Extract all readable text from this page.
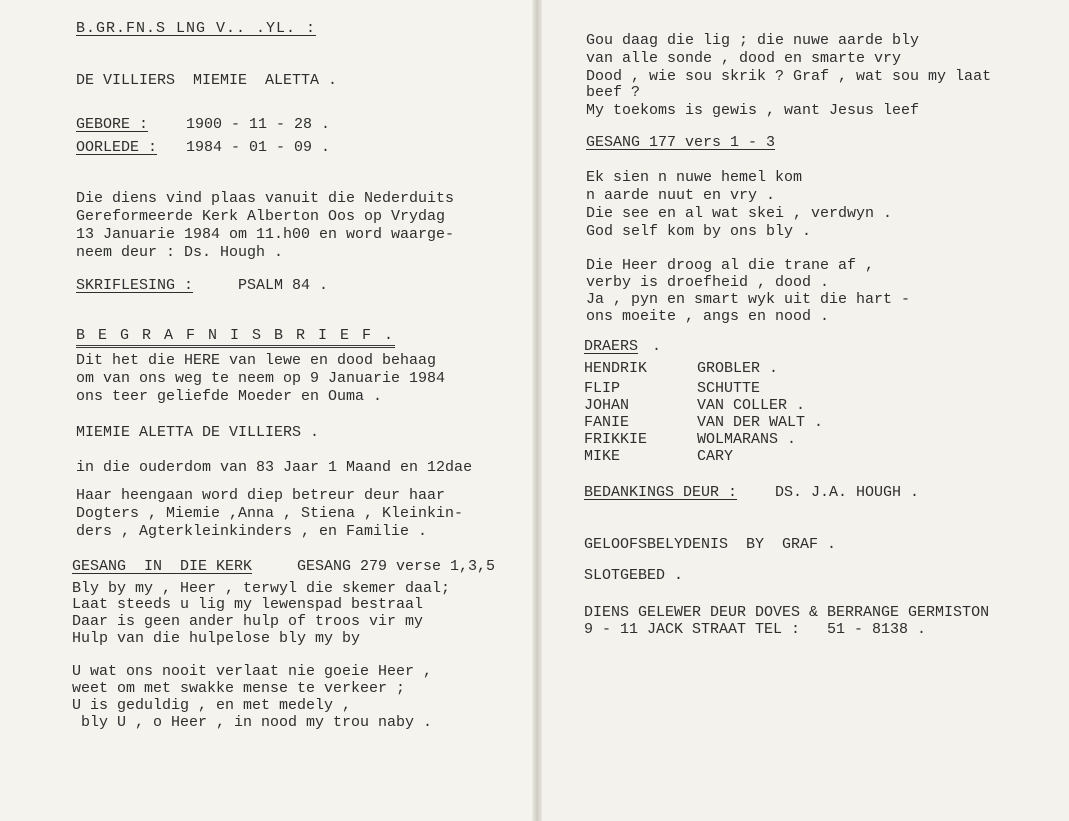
B.GR.FN.S LNG V.. .YL. :
DE VILLIERS  MIEMIE  ALETTA .
GEBORE :	1900 - 11 - 28 .
OORLEDE : 1984 - 01 - 09 .
Die diens vind plaas vanuit die Nederduits
Gereformeerde Kerk Alberton Oos op Vrydag
13 Januarie 1984 om 11.h00 en word waarge-
neem deur : Ds. Hough .
SKRIFLESING :	PSALM 84 .
B E G R A F N I S B R I E F .
Dit het die HERE van lewe en dood behaag
om van ons weg te neem op 9 Januarie 1984
ons teer geliefde Moeder en Ouma .
MIEMIE ALETTA DE VILLIERS .
in die ouderdom van 83 Jaar 1 Maand en 12dae
Haar heengaan word diep betreur deur haar
Dogters , Miemie ,Anna , Stiena , Kleinkin-
ders , Agterkleinkinders , en Familie .
GESANG  IN  DIE KERK	GESANG 279 verse 1,3,5
Bly by my , Heer , terwyl die skemer daal;
Laat steeds u lig my lewenspad bestraal
Daar is geen ander hulp of troos vir my
Hulp van die hulpelose bly my by
U wat ons nooit verlaat nie goeie Heer ,
weet om met swakke mense te verkeer ;
U is geduldig , en met medely ,
bly U , o Heer , in nood my trou naby .
Gou daag die lig ; die nuwe aarde bly
van alle sonde , dood en smarte vry
Dood , wie sou skrik ? Graf , wat sou my laat
beef ?
My toekoms is gewis , want Jesus leef
GESANG 177 vers 1 - 3
Ek sien n nuwe hemel kom
n aarde nuut en vry .
Die see en al wat skei , verdwyn .
God self kom by ons bly .
Die Heer droog al die trane af ,
verby is droefheid , dood .
Ja , pyn en smart wyk uit die hart -
ons moeite , angs en nood .
DRAERS .
HENDRIK	GROBLER .
FLIP	SCHUTTE
JOHAN	VAN COLLER .
FANIE	VAN DER WALT .
FRIKKIE	WOLMARANS .
MIKE	CARY
BEDANKINGS DEUR :	DS. J.A. HOUGH .
GELOOFSBELYDENIS  BY  GRAF .
SLOTGEBED .
DIENS GELEWER DEUR DOVES & BERRANGE GERMISTON
9 - 11 JACK STRAAT TEL :   51 - 8138 .
